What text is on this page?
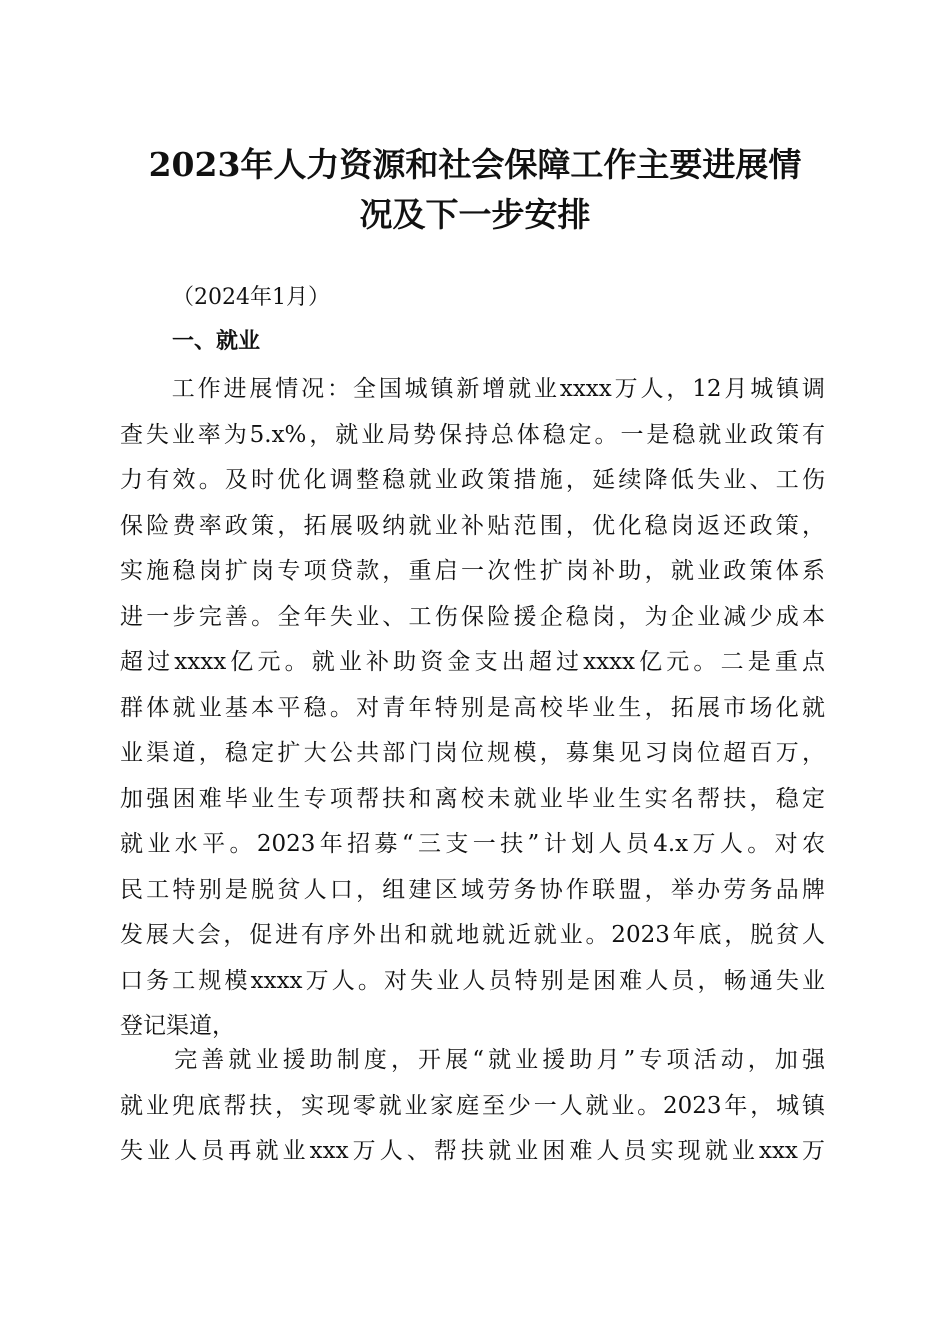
2023年人力资源和社会保障工作主要进展情
况及下一步安排

（2024年1月）

一、就业
　　工作进展情况：全国城镇新增就业xxxx万人，12月城镇调
查失业率为5.x%，就业局势保持总体稳定。一是稳就业政策有
力有效。及时优化调整稳就业政策措施，延续降低失业、工伤
保险费率政策，拓展吸纳就业补贴范围，优化稳岗返还政策，
实施稳岗扩岗专项贷款，重启一次性扩岗补助，就业政策体系
进一步完善。全年失业、工伤保险援企稳岗，为企业减少成本
超过xxxx亿元。就业补助资金支出超过xxxx亿元。二是重点
群体就业基本平稳。对青年特别是高校毕业生，拓展市场化就
业渠道，稳定扩大公共部门岗位规模，募集见习岗位超百万，
加强困难毕业生专项帮扶和离校未就业毕业生实名帮扶，稳定
就业水平。2023年招募“三支一扶”计划人员4.x万人。对农
民工特别是脱贫人口，组建区域劳务协作联盟，举办劳务品牌
发展大会，促进有序外出和就地就近就业。2023年底，脱贫人
口务工规模xxxx万人。对失业人员特别是困难人员，畅通失业
登记渠道，
　　完善就业援助制度，开展“就业援助月”专项活动，加强
就业兜底帮扶，实现零就业家庭至少一人就业。2023年，城镇
失业人员再就业xxx万人、帮扶就业困难人员实现就业xxx万
